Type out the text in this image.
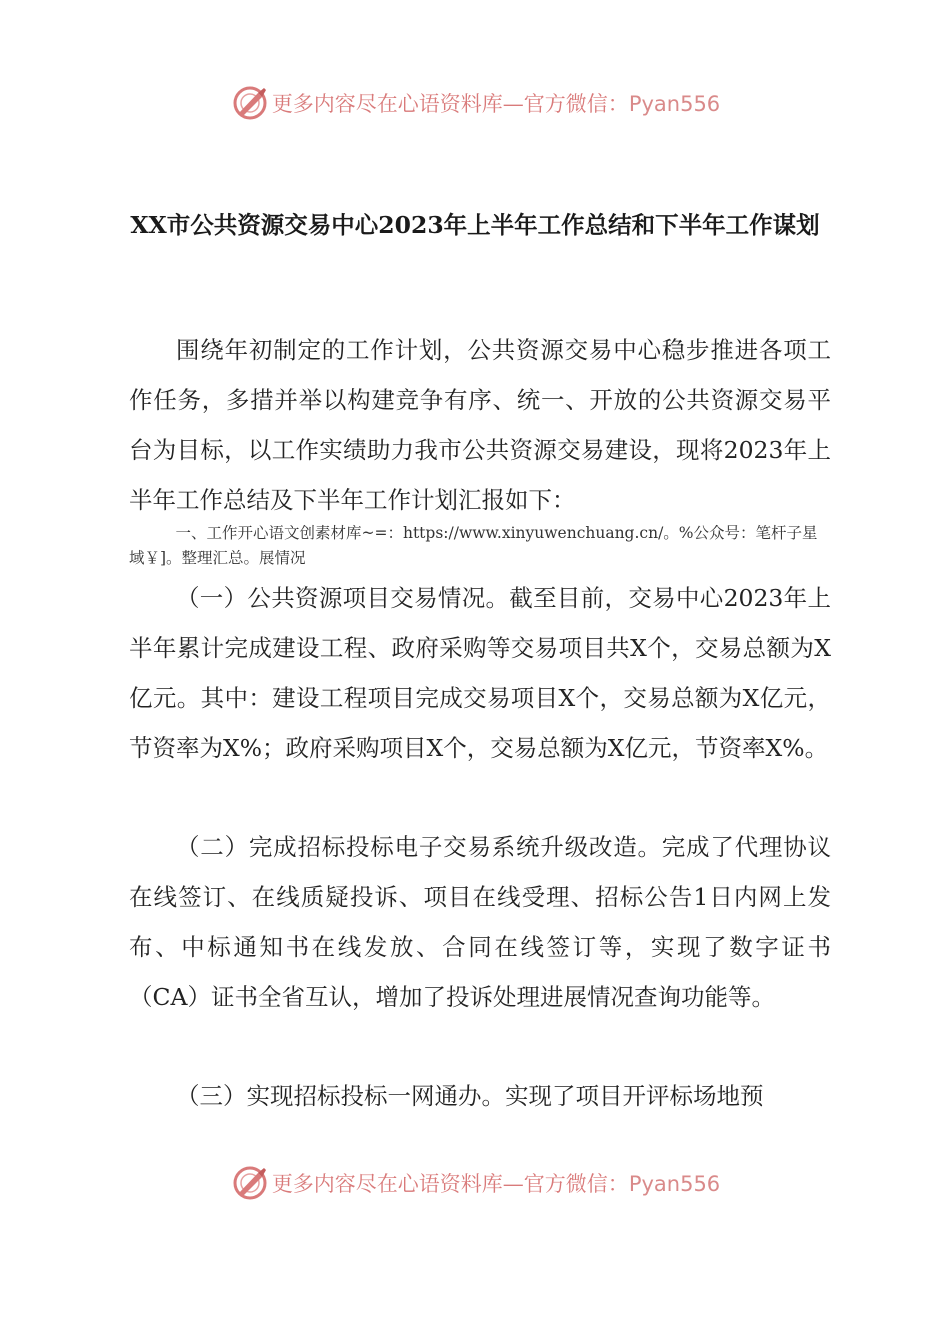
更多内容尽在心语资料库—官方微信：Pyan556
XX市公共资源交易中心2023年上半年工作总结和下半年工作谋划

围绕年初制定的工作计划，公共资源交易中心稳步推进各项工作任务，多措并举以构建竞争有序、统一、开放的公共资源交易平台为目标，以工作实绩助力我市公共资源交易建设，现将2023年上半年工作总结及下半年工作计划汇报如下：

一、工作开心语文创素材库~=：https://www.xinyuwenchuang.cn/。%公众号：笔杆子星域￥]。整理汇总。展情况

（一）公共资源项目交易情况。截至目前，交易中心2023年上半年累计完成建设工程、政府采购等交易项目共X个，交易总额为X亿元。其中：建设工程项目完成交易项目X个，交易总额为X亿元，节资率为X%；政府采购项目X个，交易总额为X亿元，节资率X%。

（二）完成招标投标电子交易系统升级改造。完成了代理协议在线签订、在线质疑投诉、项目在线受理、招标公告1日内网上发布、中标通知书在线发放、合同在线签订等，实现了数字证书（CA）证书全省互认，增加了投诉处理进展情况查询功能等。

（三）实现招标投标一网通办。实现了项目开评标场地预

更多内容尽在心语资料库—官方微信：Pyan556
